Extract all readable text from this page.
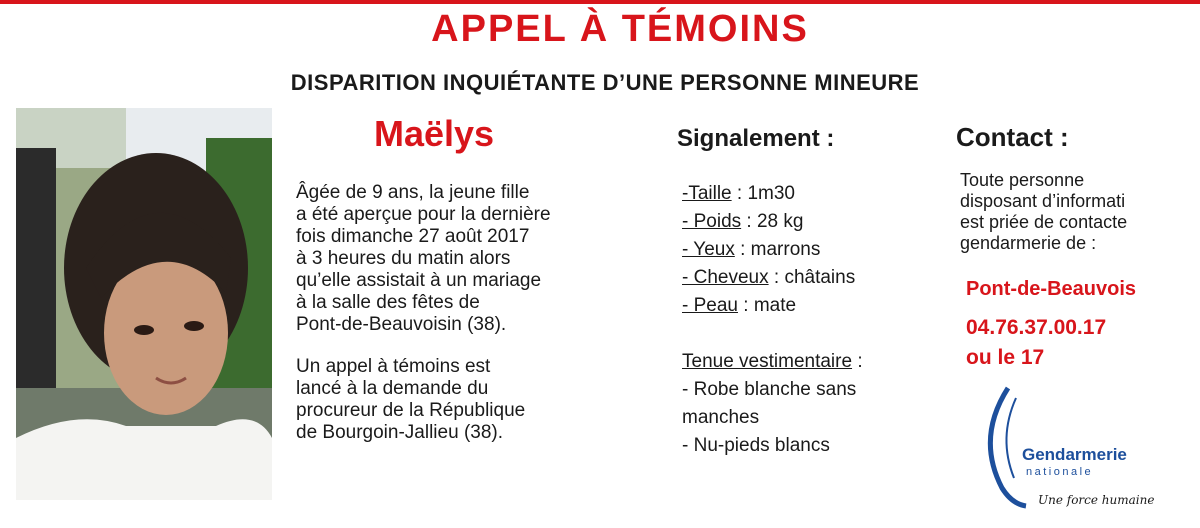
APPEL À TÉMOINS
DISPARITION INQUIÉTANTE D’UNE PERSONNE MINEURE
Maëlys

Âgée de 9 ans, la jeune fille
a été aperçue pour la dernière
fois dimanche 27 août 2017
à 3 heures du matin alors
qu’elle assistait à un mariage
à la salle des fêtes de
Pont-de-Beauvoisin (38).

Un appel à témoins est
lancé à la demande du
procureur de la République
de Bourgoin-Jallieu (38).

Signalement :
-Taille : 1m30
- Poids : 28 kg
- Yeux : marrons
- Cheveux : châtains
- Peau : mate
Tenue vestimentaire :
- Robe blanche sans
manches
- Nu-pieds blancs
Contact :
Toute personne
disposant d’informati
est priée de contacte
gendarmerie de :
Pont-de-Beauvois
04.76.37.00.17
ou le 17
Gendarmerie
nationale
Une force humaine
